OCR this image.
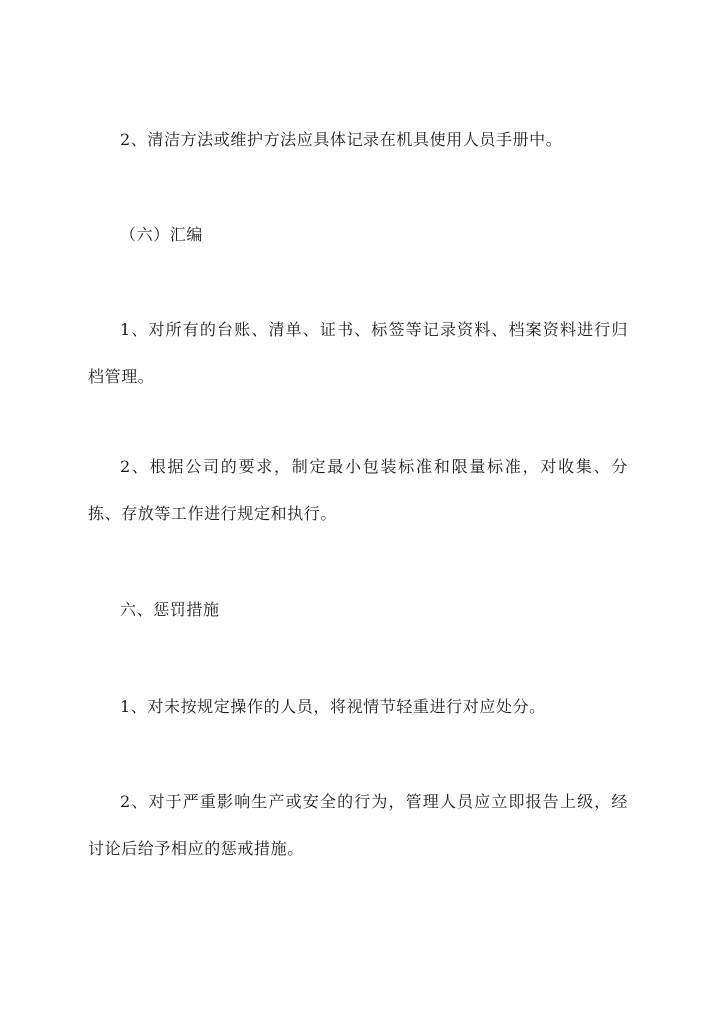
2、清洁方法或维护方法应具体记录在机具使用人员手册中。

（六）汇编

1、对所有的台账、清单、证书、标签等记录资料、档案资料进行归档管理。

2、根据公司的要求，制定最小包装标准和限量标准，对收集、分拣、存放等工作进行规定和执行。

六、惩罚措施

1、对未按规定操作的人员，将视情节轻重进行对应处分。

2、对于严重影响生产或安全的行为，管理人员应立即报告上级，经讨论后给予相应的惩戒措施。
